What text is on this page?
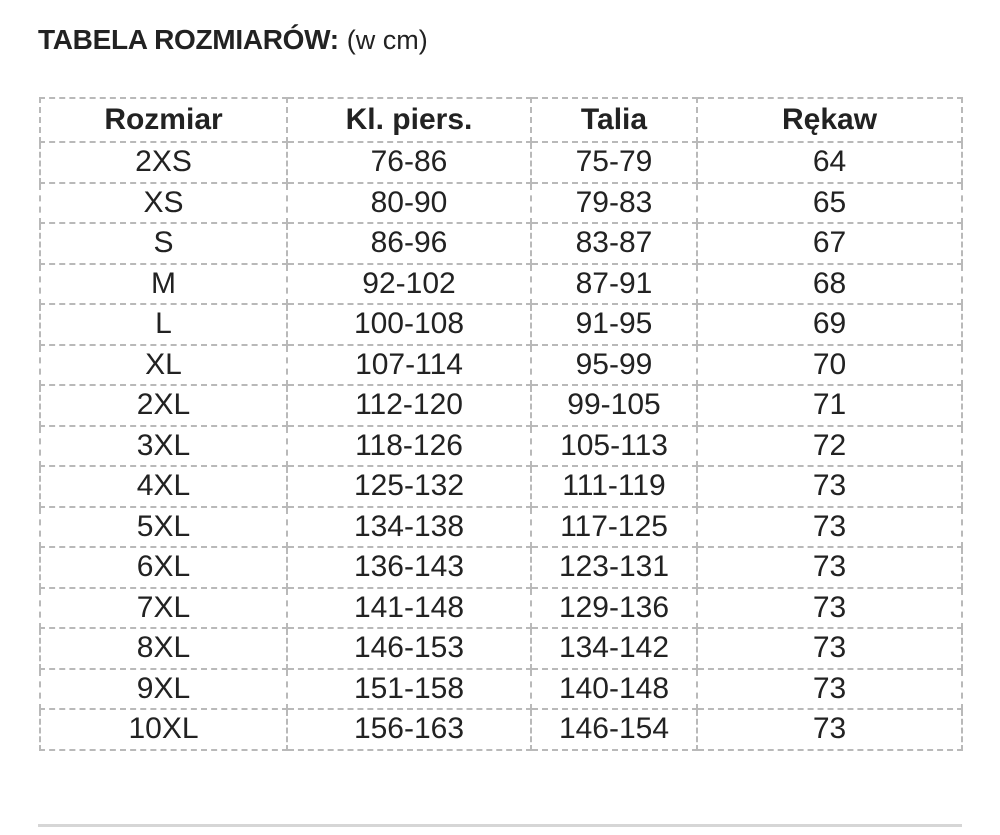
TABELA ROZMIARÓW: (w cm)
Rozmiar	Kl. piers.	Talia	Rękaw
2XS	76-86	75-79	64
XS	80-90	79-83	65
S	86-96	83-87	67
M	92-102	87-91	68
L	100-108	91-95	69
XL	107-114	95-99	70
2XL	112-120	99-105	71
3XL	118-126	105-113	72
4XL	125-132	111-119	73
5XL	134-138	117-125	73
6XL	136-143	123-131	73
7XL	141-148	129-136	73
8XL	146-153	134-142	73
9XL	151-158	140-148	73
10XL	156-163	146-154	73
